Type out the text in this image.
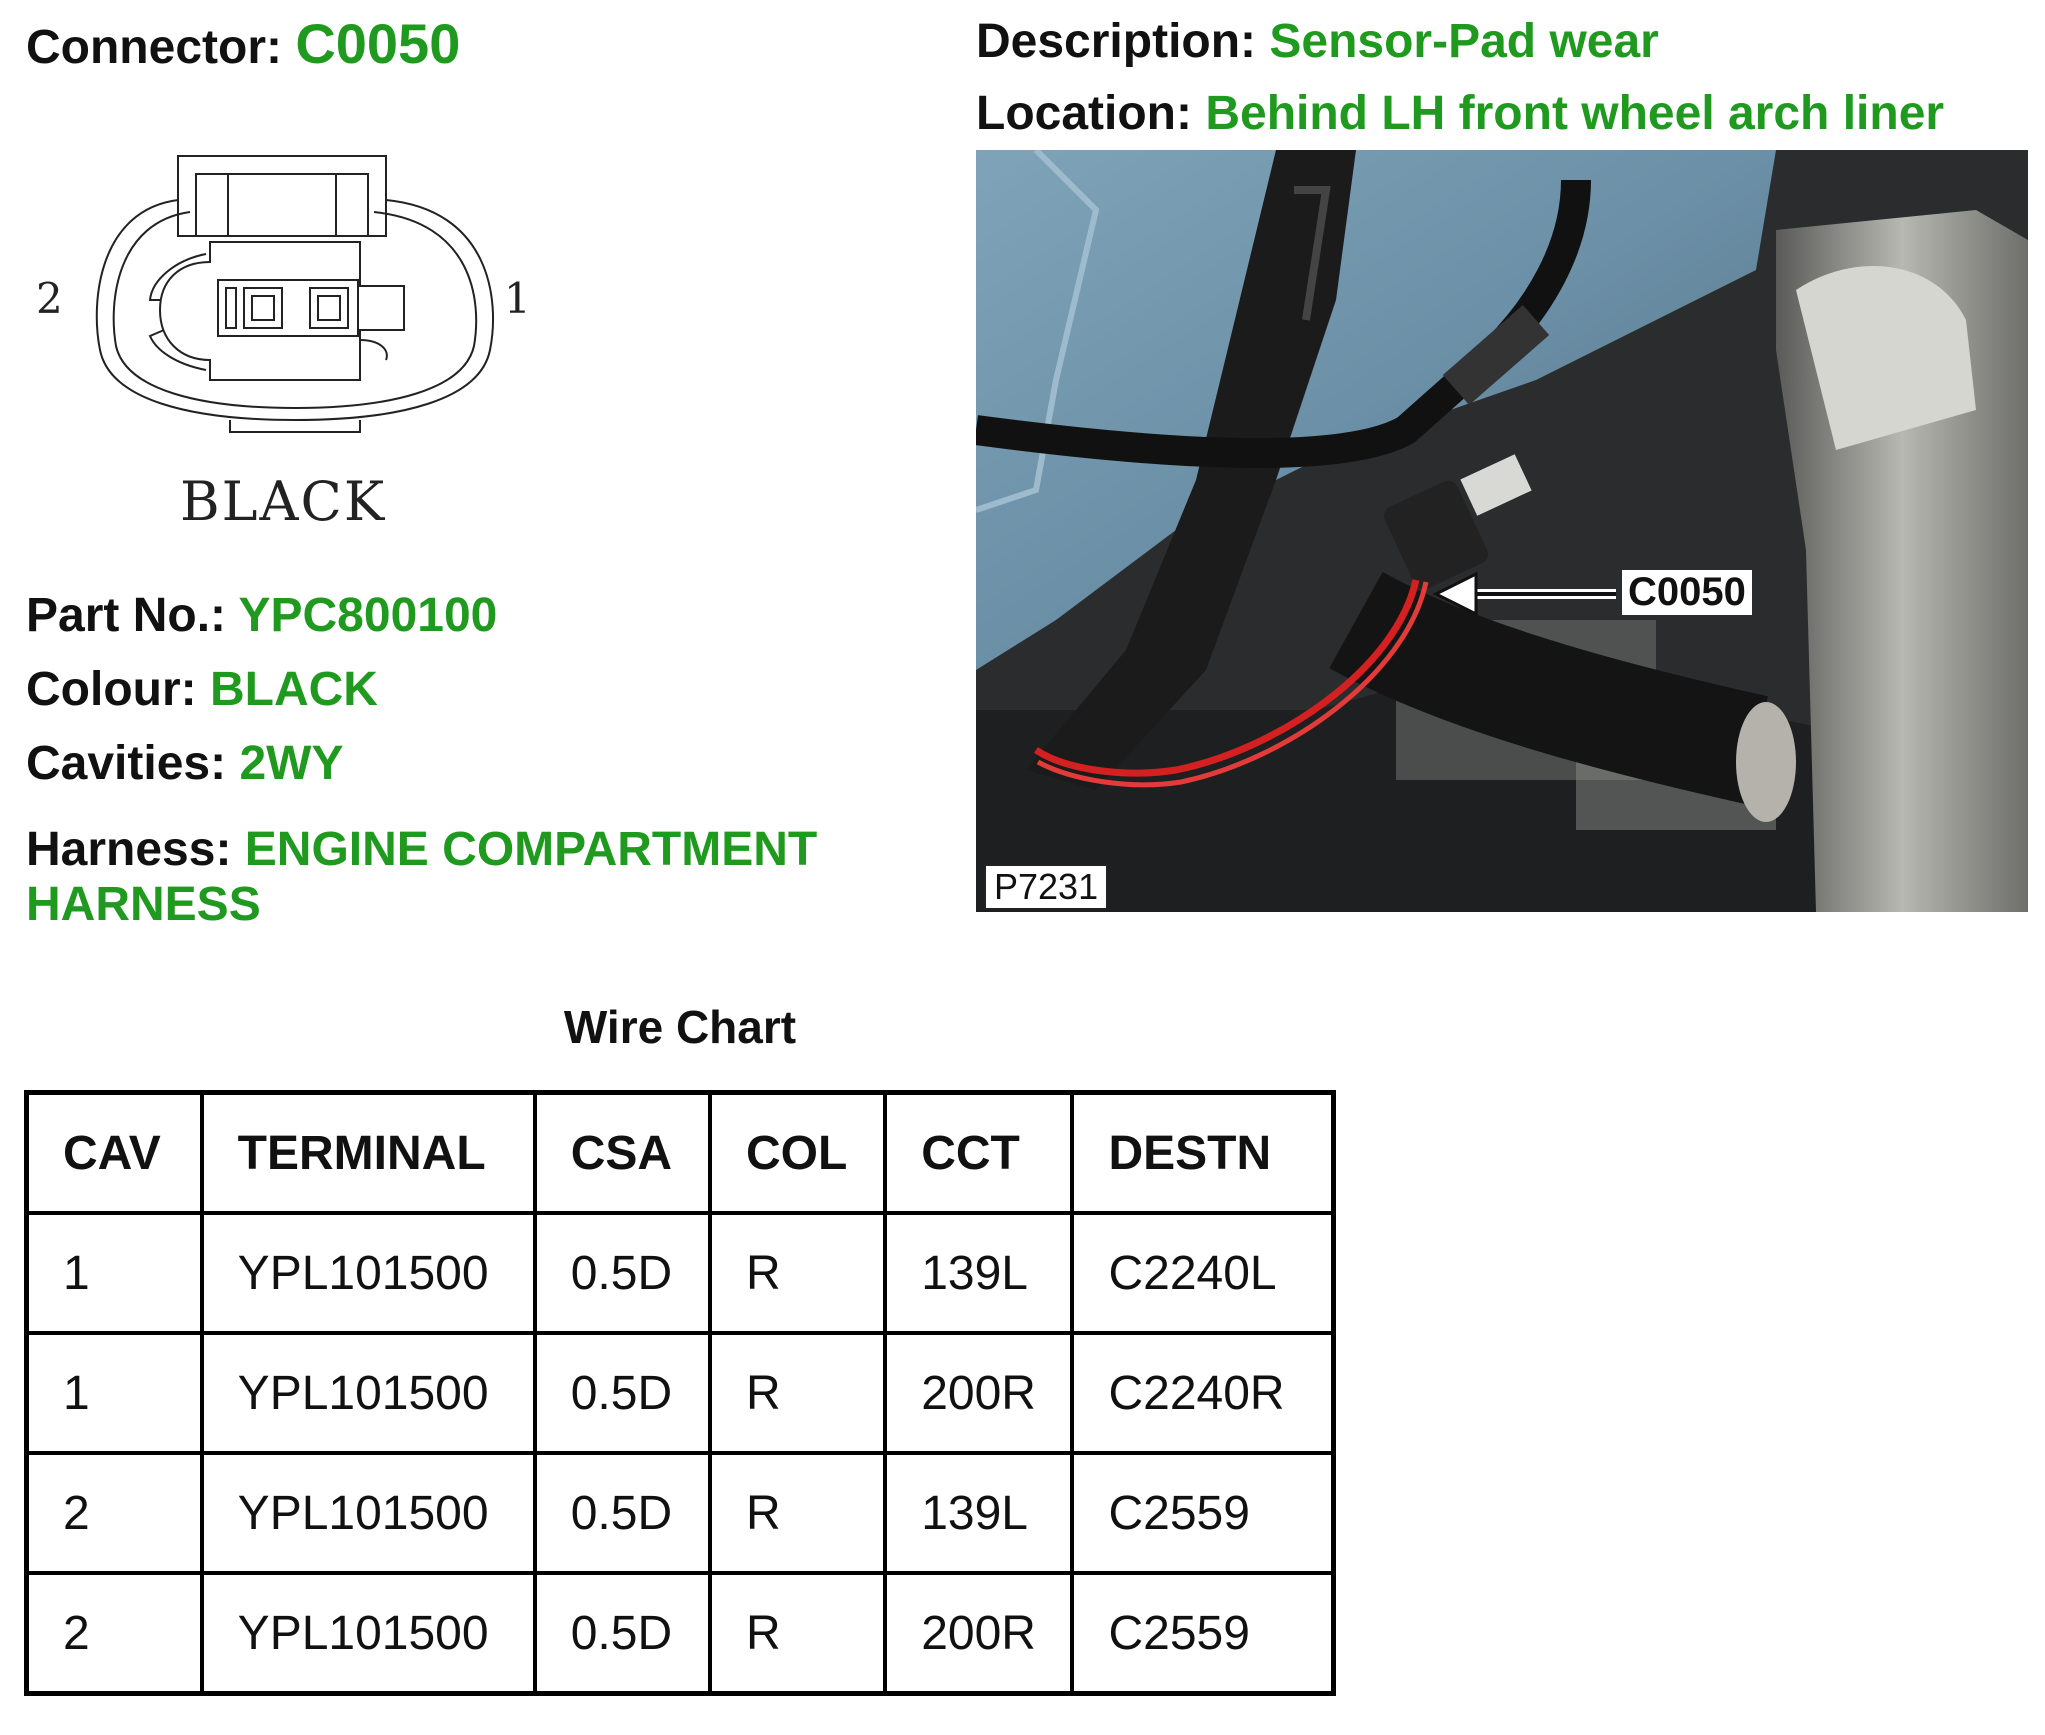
Connector: C0050	Description: Sensor-Pad wear
Location: Behind LH front wheel arch liner
2	1
BLACK
Part No.: YPC800100
Colour: BLACK
Cavities: 2WY
Harness: ENGINE COMPARTMENT HARNESS
C0050
P7231
Wire Chart
CAV	TERMINAL	CSA	COL	CCT	DESTN
1	YPL101500	0.5D	R	139L	C2240L
1	YPL101500	0.5D	R	200R	C2240R
2	YPL101500	0.5D	R	139L	C2559
2	YPL101500	0.5D	R	200R	C2559
